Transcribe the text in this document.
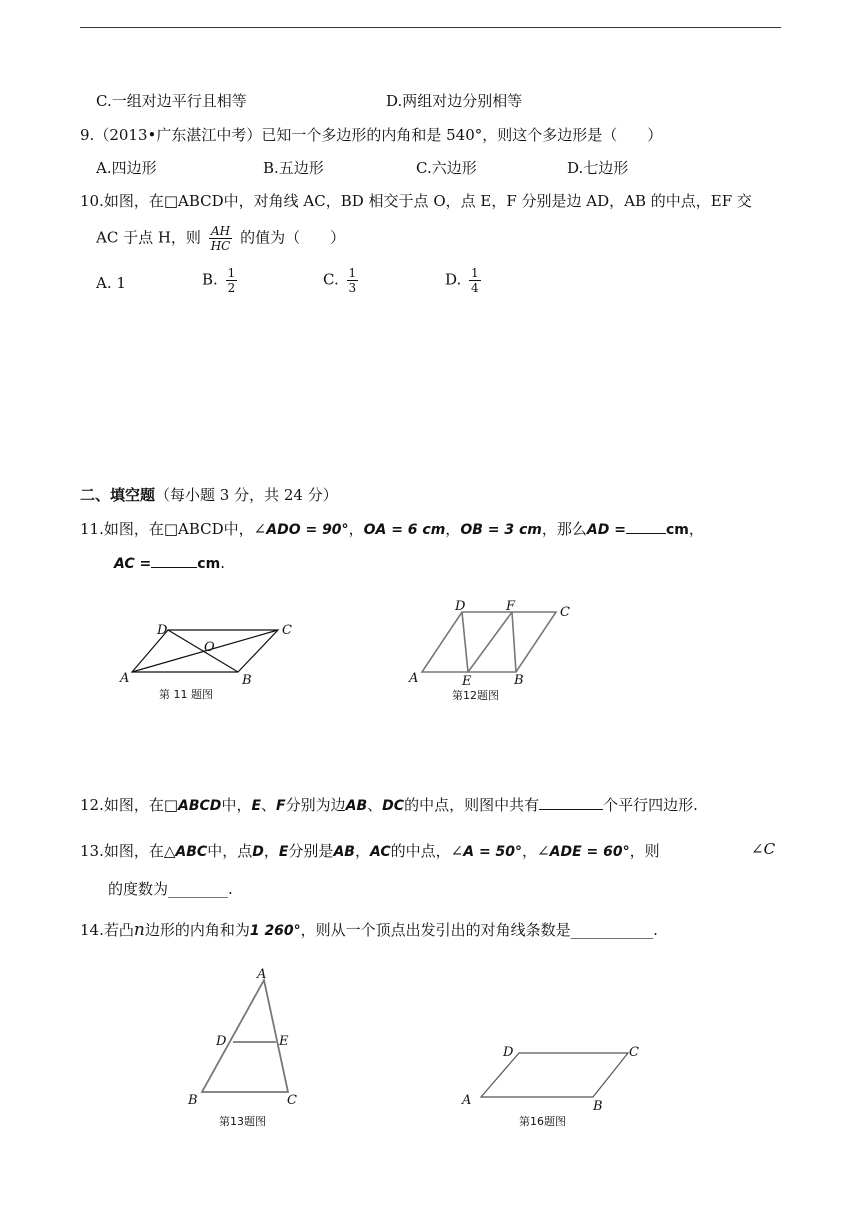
C.一组对边平行且相等	D.两组对边分别相等
9.（2013•广东湛江中考）已知一个多边形的内角和是 540°，则这个多边形是（　　）
A.四边形	B.五边形	C.六边形	D.七边形
10.如图，在□ABCD中，对角线 AC，BD 相交于点 O，点 E，F 分别是边 AD，AB 的中点，EF 交
AC 于点 H，则 $\frac{AH}{HC}$ 的值为（　　）
A. 1	B. $\frac{1}{2}$	C. $\frac{1}{3}$	D. $\frac{1}{4}$
二、填空题（每小题 3 分，共 24 分）
11.如图，在□ABCD中，∠ADO = 90°，OA = 6 cm，OB = 3 cm，那么AD =	cm，
AC =	cm.
A	B
C
D
O
第 11 题图
A	B
C
D
E
F
第12题图
12.如图，在□ABCD中，E、F分别为边AB、DC的中点，则图中共有	个平行四边形.
13.如图，在△ABC中，点D，E分别是AB，AC的中点，∠A = 50°，∠ADE = 60°，则	∠C
的度数为________.
14.若凸n边形的内角和为1 260°，则从一个顶点出发引出的对角线条数是___________.
A
B	C
D	E
第13题图
A	B
C
D
第16题图
